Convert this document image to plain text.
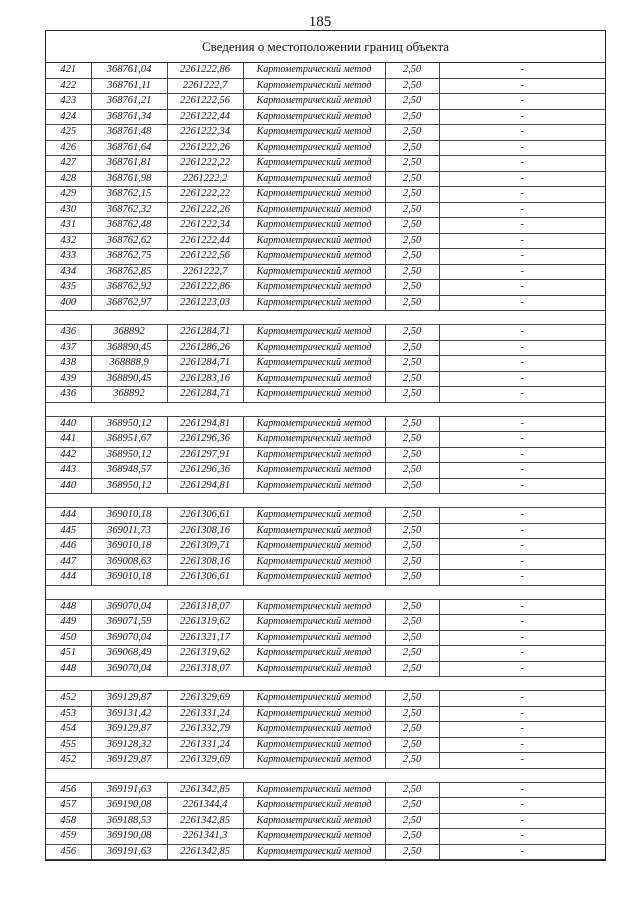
185
Сведения о местоположении границ объекта
421	368761,04	2261222,86	Картометрический метод	2,50	-
422	368761,11	2261222,7	Картометрический метод	2,50	-
423	368761,21	2261222,56	Картометрический метод	2,50	-
424	368761,34	2261222,44	Картометрический метод	2,50	-
425	368761,48	2261222,34	Картометрический метод	2,50	-
426	368761,64	2261222,26	Картометрический метод	2,50	-
427	368761,81	2261222,22	Картометрический метод	2,50	-
428	368761,98	2261222,2	Картометрический метод	2,50	-
429	368762,15	2261222,22	Картометрический метод	2,50	-
430	368762,32	2261222,26	Картометрический метод	2,50	-
431	368762,48	2261222,34	Картометрический метод	2,50	-
432	368762,62	2261222,44	Картометрический метод	2,50	-
433	368762,75	2261222,56	Картометрический метод	2,50	-
434	368762,85	2261222,7	Картометрический метод	2,50	-
435	368762,92	2261222,86	Картометрический метод	2,50	-
400	368762,97	2261223,03	Картометрический метод	2,50	-

436	368892	2261284,71	Картометрический метод	2,50	-
437	368890,45	2261286,26	Картометрический метод	2,50	-
438	368888,9	2261284,71	Картометрический метод	2,50	-
439	368890,45	2261283,16	Картометрический метод	2,50	-
436	368892	2261284,71	Картометрический метод	2,50	-

440	368950,12	2261294,81	Картометрический метод	2,50	-
441	368951,67	2261296,36	Картометрический метод	2,50	-
442	368950,12	2261297,91	Картометрический метод	2,50	-
443	368948,57	2261296,36	Картометрический метод	2,50	-
440	368950,12	2261294,81	Картометрический метод	2,50	-

444	369010,18	2261306,61	Картометрический метод	2,50	-
445	369011,73	2261308,16	Картометрический метод	2,50	-
446	369010,18	2261309,71	Картометрический метод	2,50	-
447	369008,63	2261308,16	Картометрический метод	2,50	-
444	369010,18	2261306,61	Картометрический метод	2,50	-

448	369070,04	2261318,07	Картометрический метод	2,50	-
449	369071,59	2261319,62	Картометрический метод	2,50	-
450	369070,04	2261321,17	Картометрический метод	2,50	-
451	369068,49	2261319,62	Картометрический метод	2,50	-
448	369070,04	2261318,07	Картометрический метод	2,50	-

452	369129,87	2261329,69	Картометрический метод	2,50	-
453	369131,42	2261331,24	Картометрический метод	2,50	-
454	369129,87	2261332,79	Картометрический метод	2,50	-
455	369128,32	2261331,24	Картометрический метод	2,50	-
452	369129,87	2261329,69	Картометрический метод	2,50	-

456	369191,63	2261342,85	Картометрический метод	2,50	-
457	369190,08	2261344,4	Картометрический метод	2,50	-
458	369188,53	2261342,85	Картометрический метод	2,50	-
459	369190,08	2261341,3	Картометрический метод	2,50	-
456	369191,63	2261342,85	Картометрический метод	2,50	-
